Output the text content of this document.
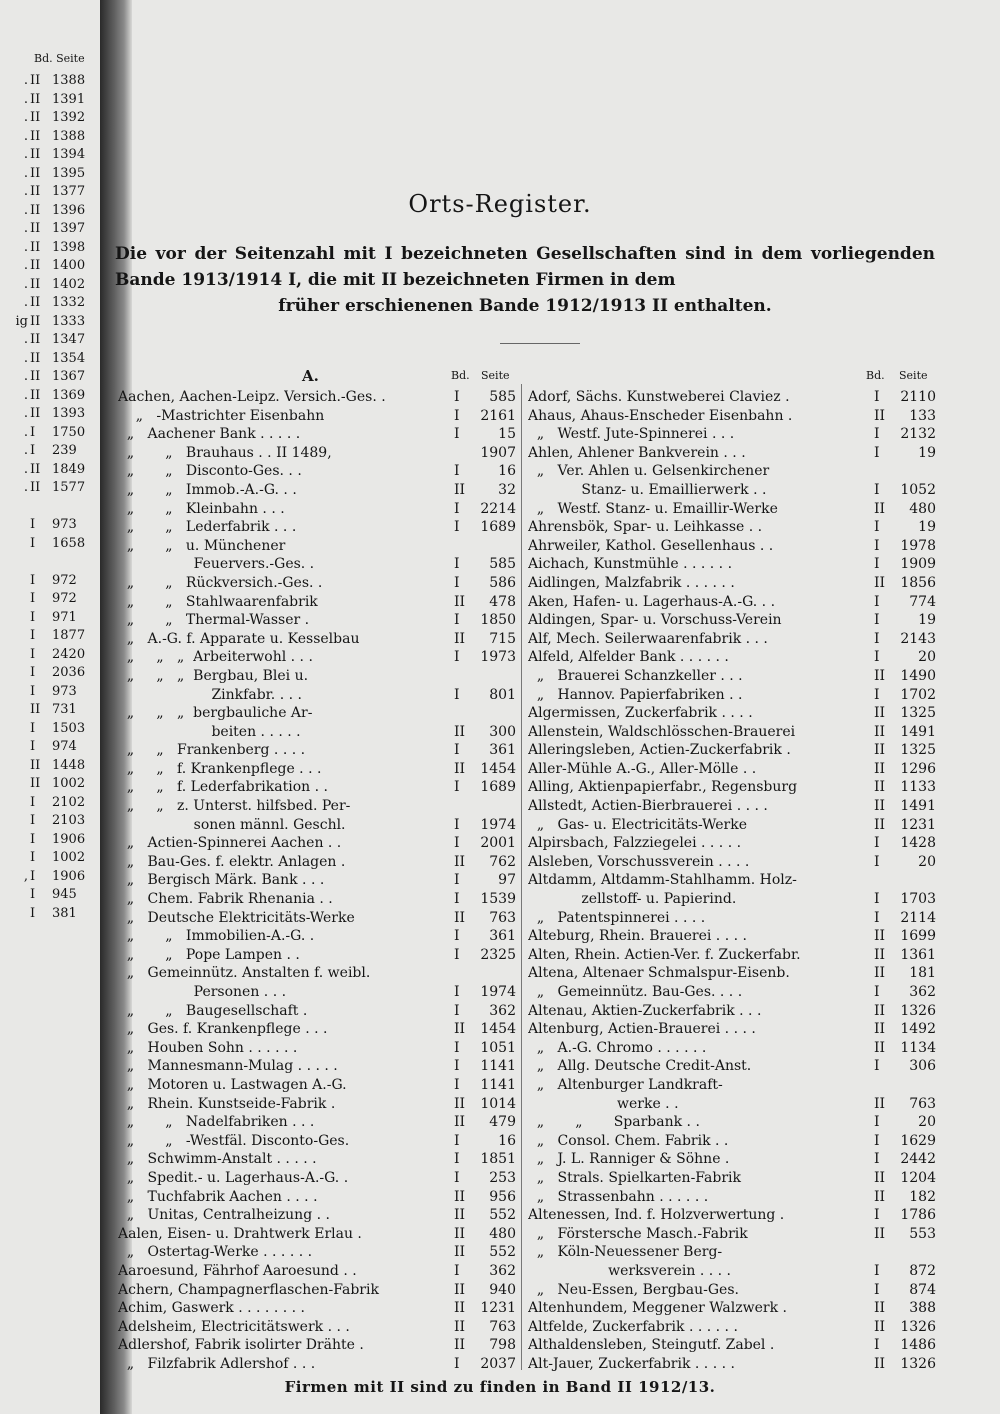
Bd. Seite
. II 1388
. II 1391
. II 1392
. II 1388
. II 1394
. II 1395
. II 1377
. II 1396
. II 1397
. II 1398
. II 1400
. II 1402
. II 1332
ig II 1333
. II 1347
. II 1354
. II 1367
. II 1369
. II 1393
. I	1750
. I	239
. II 1849
. II 1577
I	973
I	1658
I	972
I	972
I	971
I	1877
I	2420
I	2036
I	973
II 731
I	1503
I	974
II 1448
II 1002
I	2102
I	2103
I	1906
I	1002
, I	1906
I	945
I	381
Orts-Register.
Die vor der Seitenzahl mit I bezeichneten Gesellschaften sind in dem vorliegenden Bande 1913/1914 I, die mit II bezeichneten Firmen in dem
früher erschienenen Bande 1912/1913 II enthalten.
A.	Bd. Seite	Bd. Seite
Aachen, Aachen-Leipz. Versich.-Ges. .	I	585
„   -Mastrichter Eisenbahn	I	2161
„   Aachener Bank . . . . .	I	15
„       „   Brauhaus . . II 1489,	1907
„       „   Disconto-Ges. . .	I	16
„       „   Immob.-A.-G. . .	II	32
„       „   Kleinbahn . . .	I	2214
„       „   Lederfabrik . . .	I	1689
„       „   u. Münchener
Feuervers.-Ges. .	I	585
„       „   Rückversich.-Ges. .	I	586
„       „   Stahlwaarenfabrik	II	478
„       „   Thermal-Wasser .	I	1850
„   A.-G. f. Apparate u. Kesselbau	II	715
„     „   „  Arbeiterwohl . . .	I	1973
„     „   „  Bergbau, Blei u.
Zinkfabr. . . .	I	801
„     „   „  bergbauliche Ar-
beiten . . . . .	II	300
„     „   Frankenberg . . . .	I	361
„     „   f. Krankenpflege . . .	II	1454
„     „   f. Lederfabrikation . .	I	1689
„     „   z. Unterst. hilfsbed. Per-
sonen männl. Geschl.	I	1974
„   Actien-Spinnerei Aachen . .	I	2001
„   Bau-Ges. f. elektr. Anlagen .	II	762
„   Bergisch Märk. Bank . . .	I	97
„   Chem. Fabrik Rhenania . .	I	1539
„   Deutsche Elektricitäts-Werke	II	763
„       „   Immobilien-A.-G. .	I	361
„       „   Pope Lampen . .	I	2325
„   Gemeinnütz. Anstalten f. weibl.
Personen . . .	I	1974
„       „   Baugesellschaft .	I	362
„   Ges. f. Krankenpflege . . .	II	1454
„   Houben Sohn . . . . . .	I	1051
„   Mannesmann-Mulag . . . . .	I	1141
„   Motoren u. Lastwagen A.-G.	I	1141
„   Rhein. Kunstseide-Fabrik .	II	1014
„       „   Nadelfabriken . . .	II	479
„       „   -Westfäl. Disconto-Ges.	I	16
„   Schwimm-Anstalt . . . . .	I	1851
„   Spedit.- u. Lagerhaus-A.-G. .	I	253
„   Tuchfabrik Aachen . . . .	II	956
„   Unitas, Centralheizung . .	II	552
Aalen, Eisen- u. Drahtwerk Erlau .	II	480
„   Ostertag-Werke . . . . . .	II	552
Aaroesund, Fährhof Aaroesund . .	I	362
Achern, Champagnerflaschen-Fabrik	II	940
Achim, Gaswerk . . . . . . . .	II	1231
Adelsheim, Electricitätswerk . . .	II	763
Adlershof, Fabrik isolirter Drähte .	II	798
„   Filzfabrik Adlershof . . .	I	2037
Adorf, Sächs. Kunstweberei Claviez .	I	2110
Ahaus, Ahaus-Enscheder Eisenbahn .	II	133
„   Westf. Jute-Spinnerei . . .	I	2132
Ahlen, Ahlener Bankverein . . .	I	19
„   Ver. Ahlen u. Gelsenkirchener
Stanz- u. Emaillierwerk . .	I	1052
„   Westf. Stanz- u. Emaillir-Werke	II	480
Ahrensbök, Spar- u. Leihkasse . .	I	19
Ahrweiler, Kathol. Gesellenhaus . .	I	1978
Aichach, Kunstmühle . . . . . .	I	1909
Aidlingen, Malzfabrik . . . . . .	II	1856
Aken, Hafen- u. Lagerhaus-A.-G. . .	I	774
Aldingen, Spar- u. Vorschuss-Verein	I	19
Alf, Mech. Seilerwaarenfabrik . . .	I	2143
Alfeld, Alfelder Bank . . . . . .	I	20
„   Brauerei Schanzkeller . . .	II	1490
„   Hannov. Papierfabriken . .	I	1702
Algermissen, Zuckerfabrik . . . .	II	1325
Allenstein, Waldschlösschen-Brauerei	II	1491
Alleringsleben, Actien-Zuckerfabrik .	II	1325
Aller-Mühle A.-G., Aller-Mölle . .	II	1296
Alling, Aktienpapierfabr., Regensburg	II	1133
Allstedt, Actien-Bierbrauerei . . . .	II	1491
„   Gas- u. Electricitäts-Werke	II	1231
Alpirsbach, Falzziegelei . . . . .	I	1428
Alsleben, Vorschussverein . . . .	I	20
Altdamm, Altdamm-Stahlhamm. Holz-
zellstoff- u. Papierind.	I	1703
„   Patentspinnerei . . . .	I	2114
Alteburg, Rhein. Brauerei . . . .	II	1699
Alten, Rhein. Actien-Ver. f. Zuckerfabr.	II	1361
Altena, Altenaer Schmalspur-Eisenb.	II	181
„   Gemeinnütz. Bau-Ges. . . .	I	362
Altenau, Aktien-Zuckerfabrik . . .	II	1326
Altenburg, Actien-Brauerei . . . .	II	1492
„   A.-G. Chromo . . . . . .	II	1134
„   Allg. Deutsche Credit-Anst.	I	306
„   Altenburger Landkraft-
werke . .	II	763
„       „       Sparbank . .	I	20
„   Consol. Chem. Fabrik . .	I	1629
„   J. L. Ranniger & Söhne .	I	2442
„   Strals. Spielkarten-Fabrik	II	1204
„   Strassenbahn . . . . . .	II	182
Altenessen, Ind. f. Holzverwertung .	I	1786
„   Förstersche Masch.-Fabrik	II	553
„   Köln-Neuessener Berg-
werksverein . . . .	I	872
„   Neu-Essen, Bergbau-Ges.	I	874
Altenhundem, Meggener Walzwerk .	II	388
Altfelde, Zuckerfabrik . . . . . .	II	1326
Althaldensleben, Steingutf. Zabel .	I	1486
Alt-Jauer, Zuckerfabrik . . . . .	II	1326
Firmen mit II sind zu finden in Band II 1912/13.
